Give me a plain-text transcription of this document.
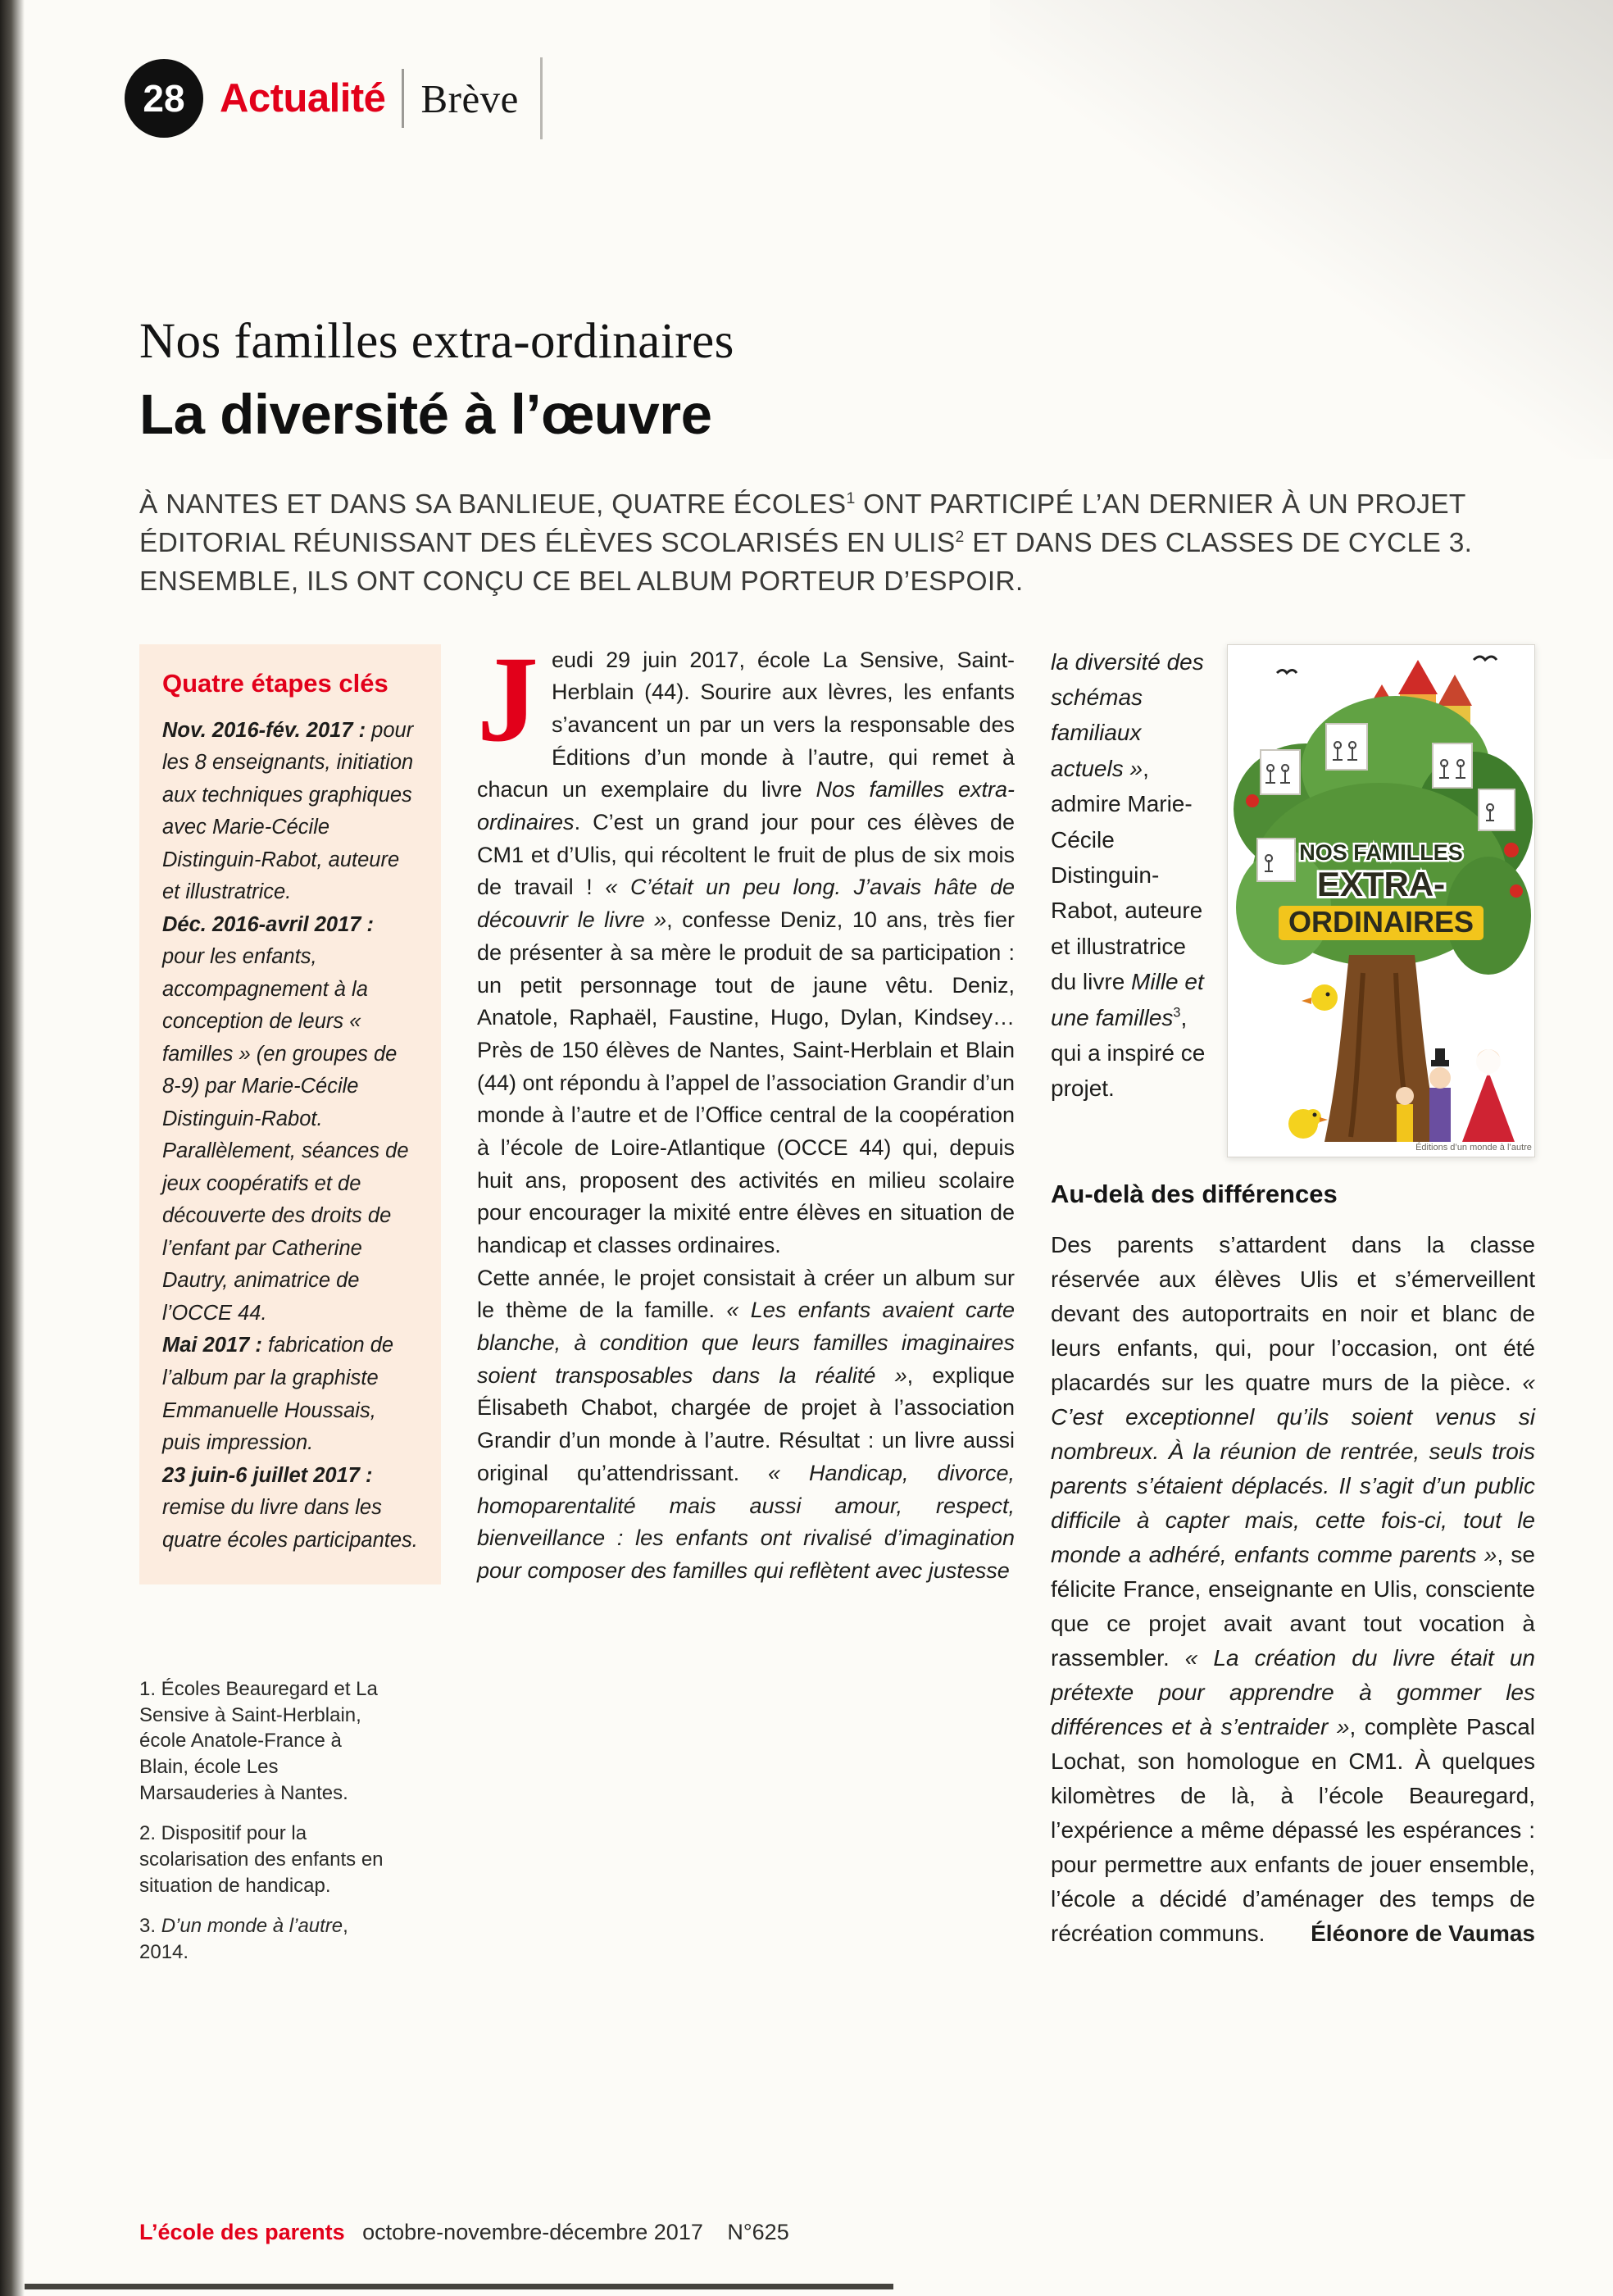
28 Actualité Brève
Nos familles extra-ordinaires
La diversité à l’œuvre

À NANTES ET DANS SA BANLIEUE, QUATRE ÉCOLES$^1$ ONT PARTICIPÉ L’AN DERNIER À UN PROJET ÉDITORIAL RÉUNISSANT DES ÉLÈVES SCOLARISÉS EN ULIS$^2$ ET DANS DES CLASSES DE CYCLE 3. ENSEMBLE, ILS ONT CONÇU CE BEL ALBUM PORTEUR D’ESPOIR.

Quatre étapes clés

Nov. 2016-fév. 2017 : pour les 8 enseignants, initiation aux techniques graphiques avec Marie-Cécile Distinguin-Rabot, auteure et illustratrice.

Déc. 2016-avril 2017 : pour les enfants, accompagnement à la conception de leurs « familles » (en groupes de 8-9) par Marie-Cécile Distinguin-Rabot. Parallèlement, séances de jeux coopératifs et de découverte des droits de l’enfant par Catherine Dautry, animatrice de l’OCCE 44.

Mai 2017 : fabrication de l’album par la graphiste Emmanuelle Houssais, puis impression.

23 juin-6 juillet 2017 : remise du livre dans les quatre écoles participantes.

1. Écoles Beauregard et La Sensive à Saint-Herblain, école Anatole-France à Blain, école Les Marsauderies à Nantes.
2. Dispositif pour la scolarisation des enfants en situation de handicap.
3. D’un monde à l’autre, 2014.

Jeudi 29 juin 2017, école La Sensive, Saint-Herblain (44). Sourire aux lèvres, les enfants s’avancent un par un vers la responsable des Éditions d’un monde à l’autre, qui remet à chacun un exemplaire du livre Nos familles extra-ordinaires. C’est un grand jour pour ces élèves de CM1 et d’Ulis, qui récoltent le fruit de plus de six mois de travail ! « C’était un peu long. J’avais hâte de découvrir le livre », confesse Deniz, 10 ans, très fier de présenter à sa mère le produit de sa participation : un petit personnage tout de jaune vêtu. Deniz, Anatole, Raphaël, Faustine, Hugo, Dylan, Kindsey… Près de 150 élèves de Nantes, Saint-Herblain et Blain (44) ont répondu à l’appel de l’association Grandir d’un monde à l’autre et de l’Office central de la coopération à l’école de Loire-Atlantique (OCCE 44) qui, depuis huit ans, proposent des activités en milieu scolaire pour encourager la mixité entre élèves en situation de handicap et classes ordinaires.

Cette année, le projet consistait à créer un album sur le thème de la famille. « Les enfants avaient carte blanche, à condition que leurs familles imaginaires soient transposables dans la réalité », explique Élisabeth Chabot, chargée de projet à l’association Grandir d’un monde à l’autre. Résultat : un livre aussi original qu’attendrissant. « Handicap, divorce, homoparentalité mais aussi amour, respect, bienveillance : les enfants ont rivalisé d’imagination pour composer des familles qui reflètent avec justesse

NOS FAMILLES
EXTRA-
ORDINAIRES
Éditions d’un monde à l’autre

la diversité des schémas familiaux actuels », admire Marie-Cécile Distinguin-Rabot, auteure et illustratrice du livre Mille et une familles$^3$, qui a inspiré ce projet.

Au-delà des différences

Des parents s’attardent dans la classe réservée aux élèves Ulis et s’émerveillent devant des autoportraits en noir et blanc de leurs enfants, qui, pour l’occasion, ont été placardés sur les quatre murs de la pièce. « C’est exceptionnel qu’ils soient venus si nombreux. À la réunion de rentrée, seuls trois parents s’étaient déplacés. Il s’agit d’un public difficile à capter mais, cette fois-ci, tout le monde a adhéré, enfants comme parents », se félicite France, enseignante en Ulis, consciente que ce projet avait avant tout vocation à rassembler. « La création du livre était un prétexte pour apprendre à gommer les différences et à s’entraider », complète Pascal Lochat, son homologue en CM1. À quelques kilomètres de là, à l’école Beauregard, l’expérience a même dépassé les espérances : pour permettre aux enfants de jouer ensemble, l’école a décidé d’aménager des temps de récréation communs.	Éléonore de Vaumas

L’école des parents octobre-novembre-décembre 2017 N°625
